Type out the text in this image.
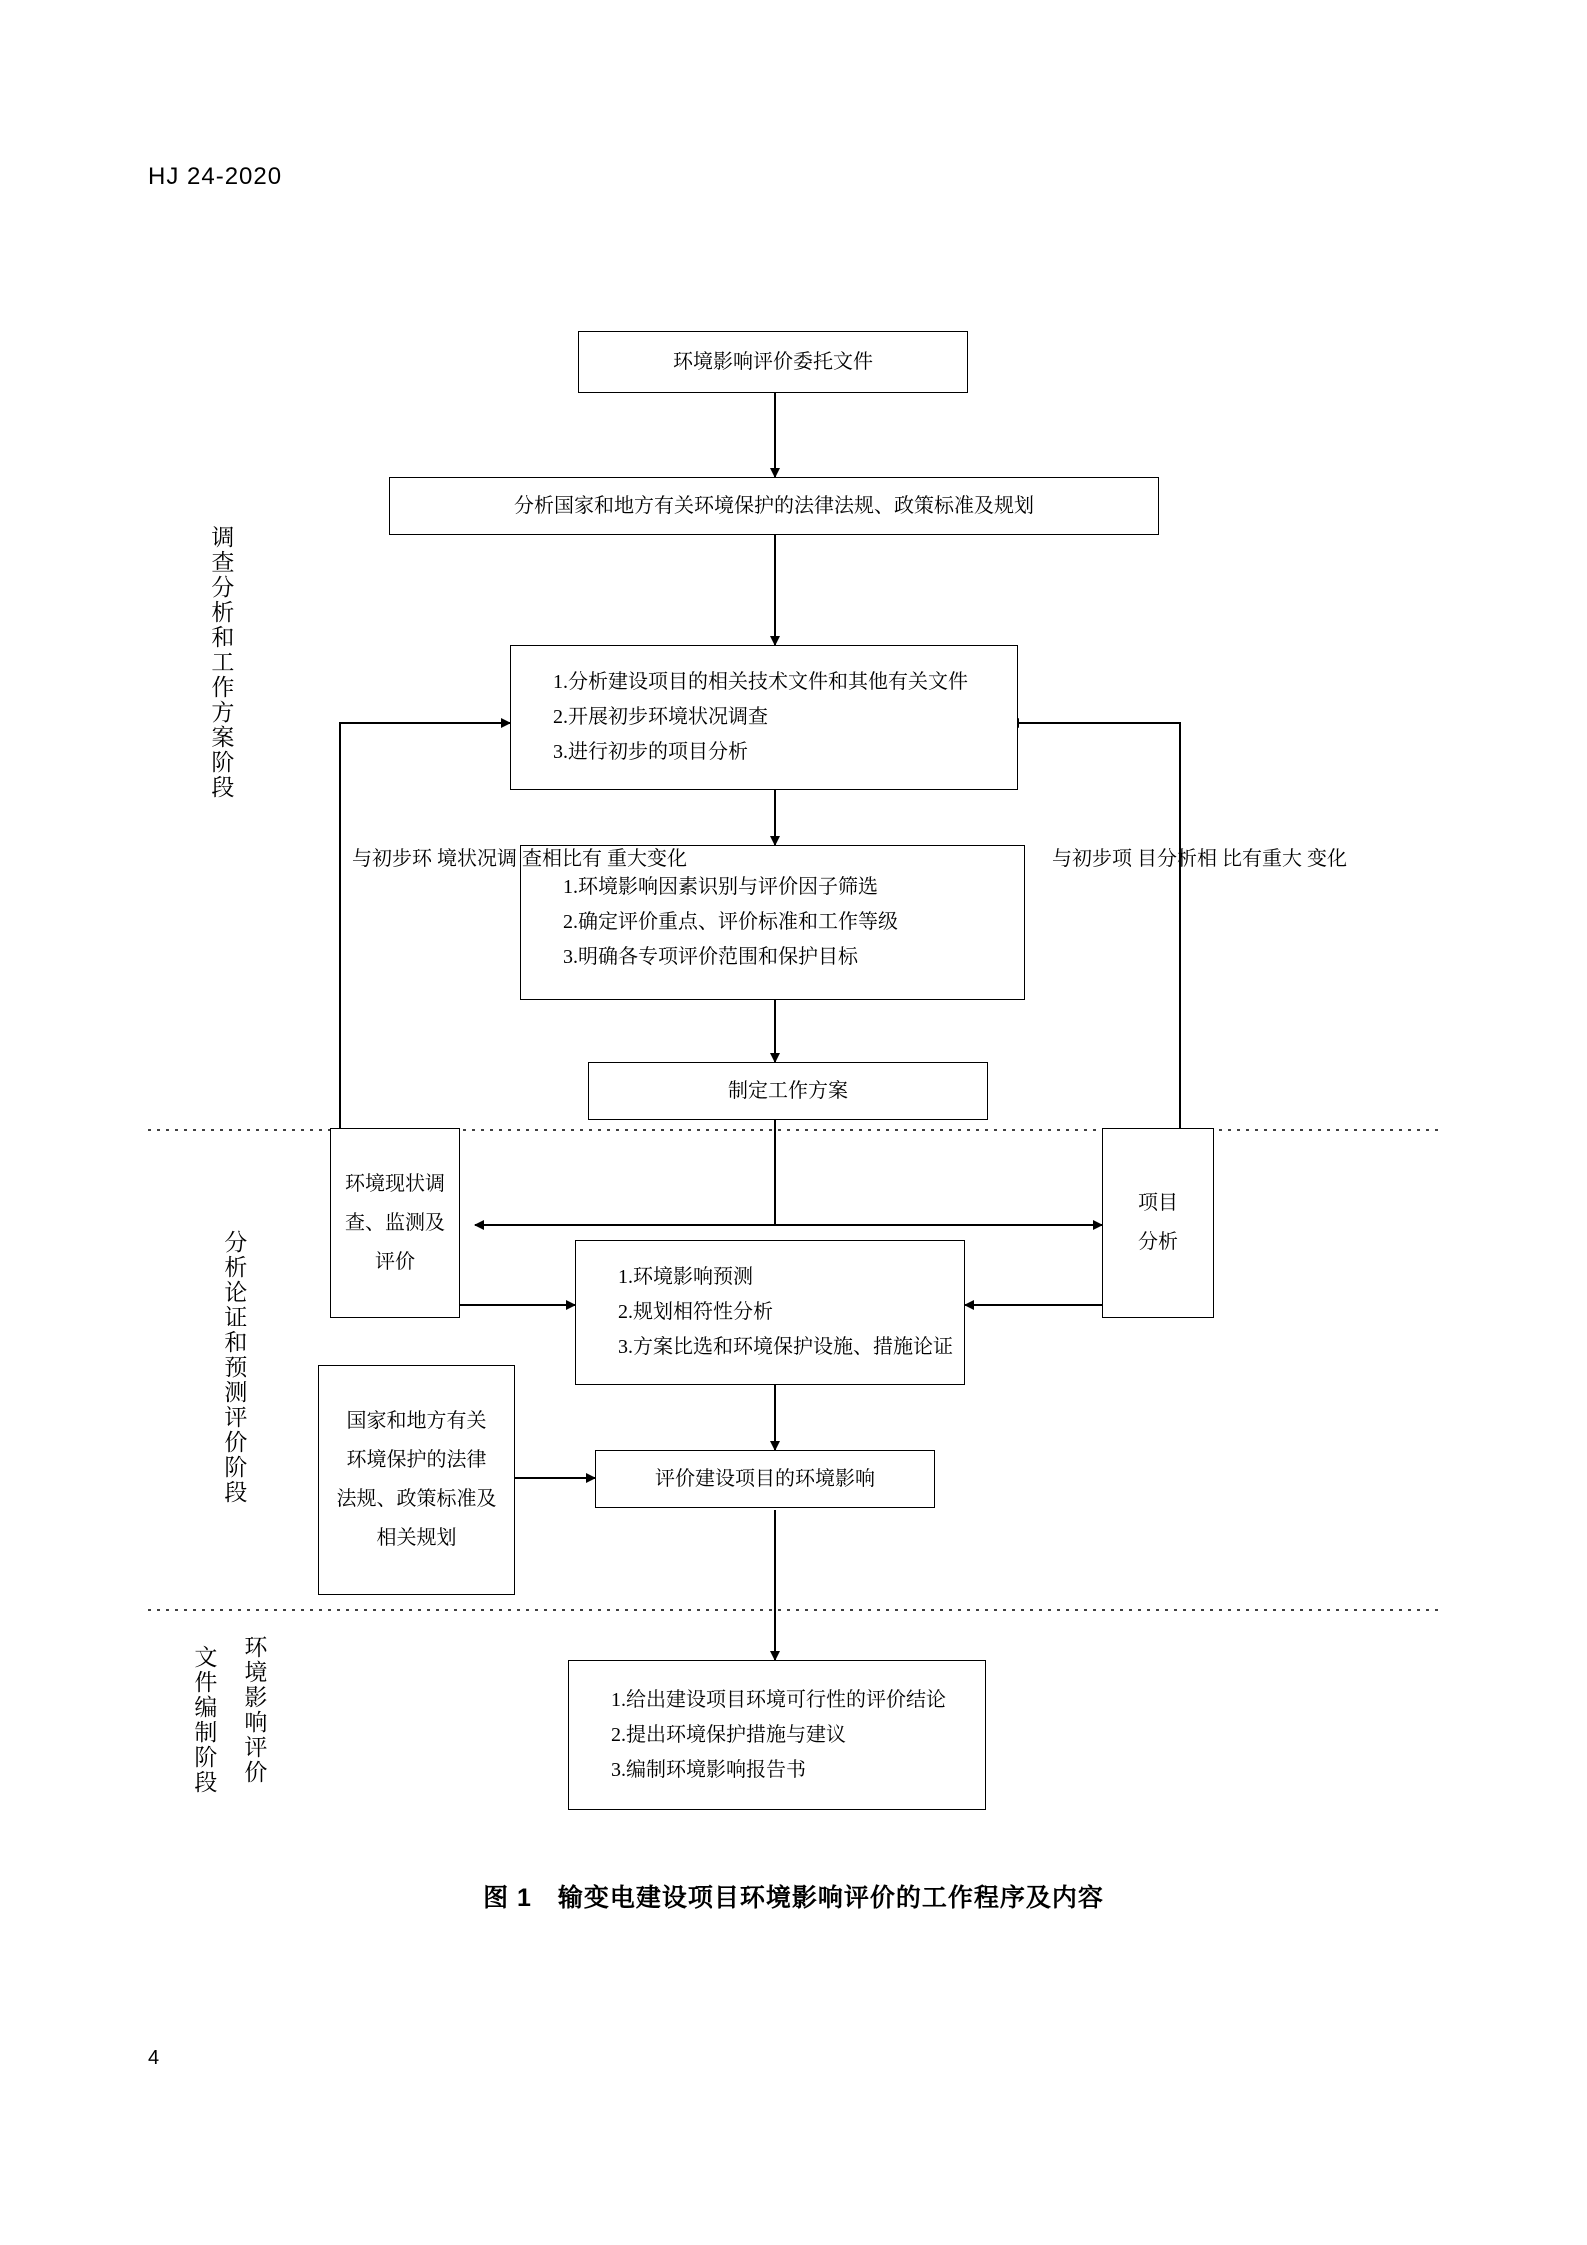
HJ 24-2020
4
调查分析和工作方案阶段
分析论证和预测评价阶段
文件编制阶段 环境影响评价
环境影响评价委托文件
分析国家和地方有关环境保护的法律法规、政策标准及规划
1.分析建设项目的相关技术文件和其他有关文件
2.开展初步环境状况调查
3.进行初步的项目分析
1.环境影响因素识别与评价因子筛选
2.确定评价重点、评价标准和工作等级
3.明确各专项评价范围和保护目标
制定工作方案
环境现状调
查、监测及
评价
项目
分析
1.环境影响预测
2.规划相符性分析
3.方案比选和环境保护设施、措施论证
国家和地方有关
环境保护的法律
法规、政策标准及
相关规划
评价建设项目的环境影响
1.给出建设项目环境可行性的评价结论
2.提出环境保护措施与建议
3.编制环境影响报告书
与初步环 境状况调 查相比有 重大变化	与初步项 目分析相 比有重大 变化
图 1　输变电建设项目环境影响评价的工作程序及内容
